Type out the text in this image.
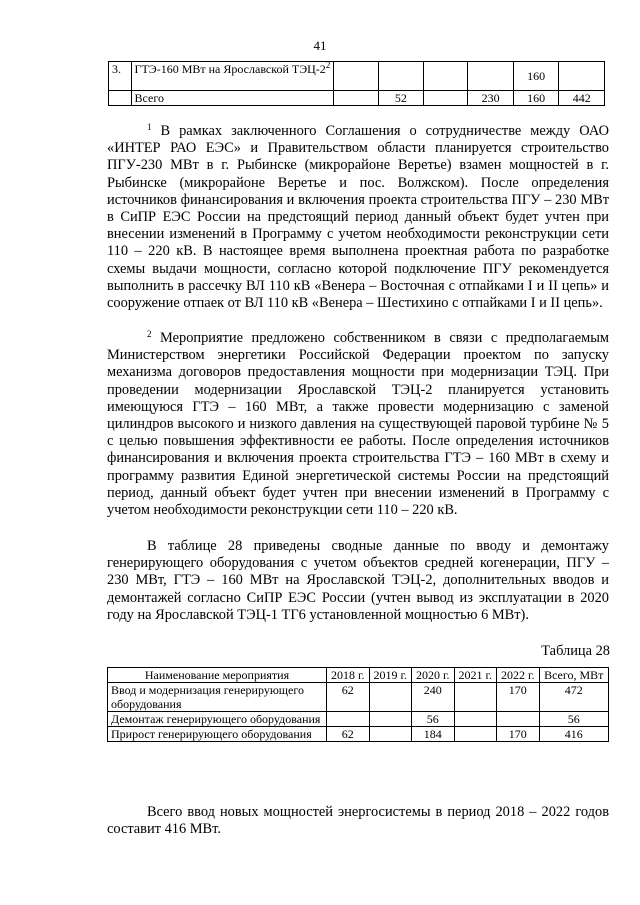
41
3.	ГТЭ-160 МВт на Ярославской ТЭЦ-$2^2$					160	
	Всего		52		230	160	442

$^1$ В рамках заключенного Соглашения о сотрудничестве между ОАО «ИНТЕР РАО ЕЭС» и Правительством области планируется строительство ПГУ-230 МВт в г. Рыбинске (микрорайоне Веретье) взамен мощностей в г. Рыбинске (микрорайоне Веретье и пос. Волжском). После определения источников финансирования и включения проекта строительства ПГУ – 230 МВт в СиПР ЕЭС России на предстоящий период данный объект будет учтен при внесении изменений в Программу с учетом необходимости реконструкции сети 110 – 220 кВ. В настоящее время выполнена проектная работа по разработке схемы выдачи мощности, согласно которой подключение ПГУ рекомендуется выполнить в рассечку ВЛ 110 кВ «Венера – Восточная с отпайками I и II цепь» и сооружение отпаек от ВЛ 110 кВ «Венера – Шестихино с отпайками I и II цепь».

$^2$ Мероприятие предложено собственником в связи с предполагаемым Министерством энергетики Российской Федерации проектом по запуску механизма договоров предоставления мощности при модернизации ТЭЦ. При проведении модернизации Ярославской ТЭЦ-2 планируется установить имеющуюся ГТЭ – 160 МВт, а также провести модернизацию с заменой цилиндров высокого и низкого давления на существующей паровой турбине № 5 с целью повышения эффективности ее работы. После определения источников финансирования и включения проекта строительства ГТЭ – 160 МВт в схему и программу развития Единой энергетической системы России на предстоящий период, данный объект будет учтен при внесении изменений в Программу с учетом необходимости реконструкции сети 110 – 220 кВ.

В таблице 28 приведены сводные данные по вводу и демонтажу генерирующего оборудования с учетом объектов средней когенерации, ПГУ – 230 МВт, ГТЭ – 160 МВт на Ярославской ТЭЦ-2, дополнительных вводов и демонтажей согласно СиПР ЕЭС России (учтен вывод из эксплуатации в 2020 году на Ярославской ТЭЦ-1 ТГ6 установленной мощностью 6 МВт).

Таблица 28
Наименование мероприятия	2018 г.	2019 г.	2020 г.	2021 г.	2022 г.	Всего, МВт
Ввод и модернизация генерирующего оборудования	62		240		170	472
Демонтаж генерирующего оборудования			56			56
Прирост генерирующего оборудования	62		184		170	416

Всего ввод новых мощностей энергосистемы в период 2018 – 2022 годов составит 416 МВт.
